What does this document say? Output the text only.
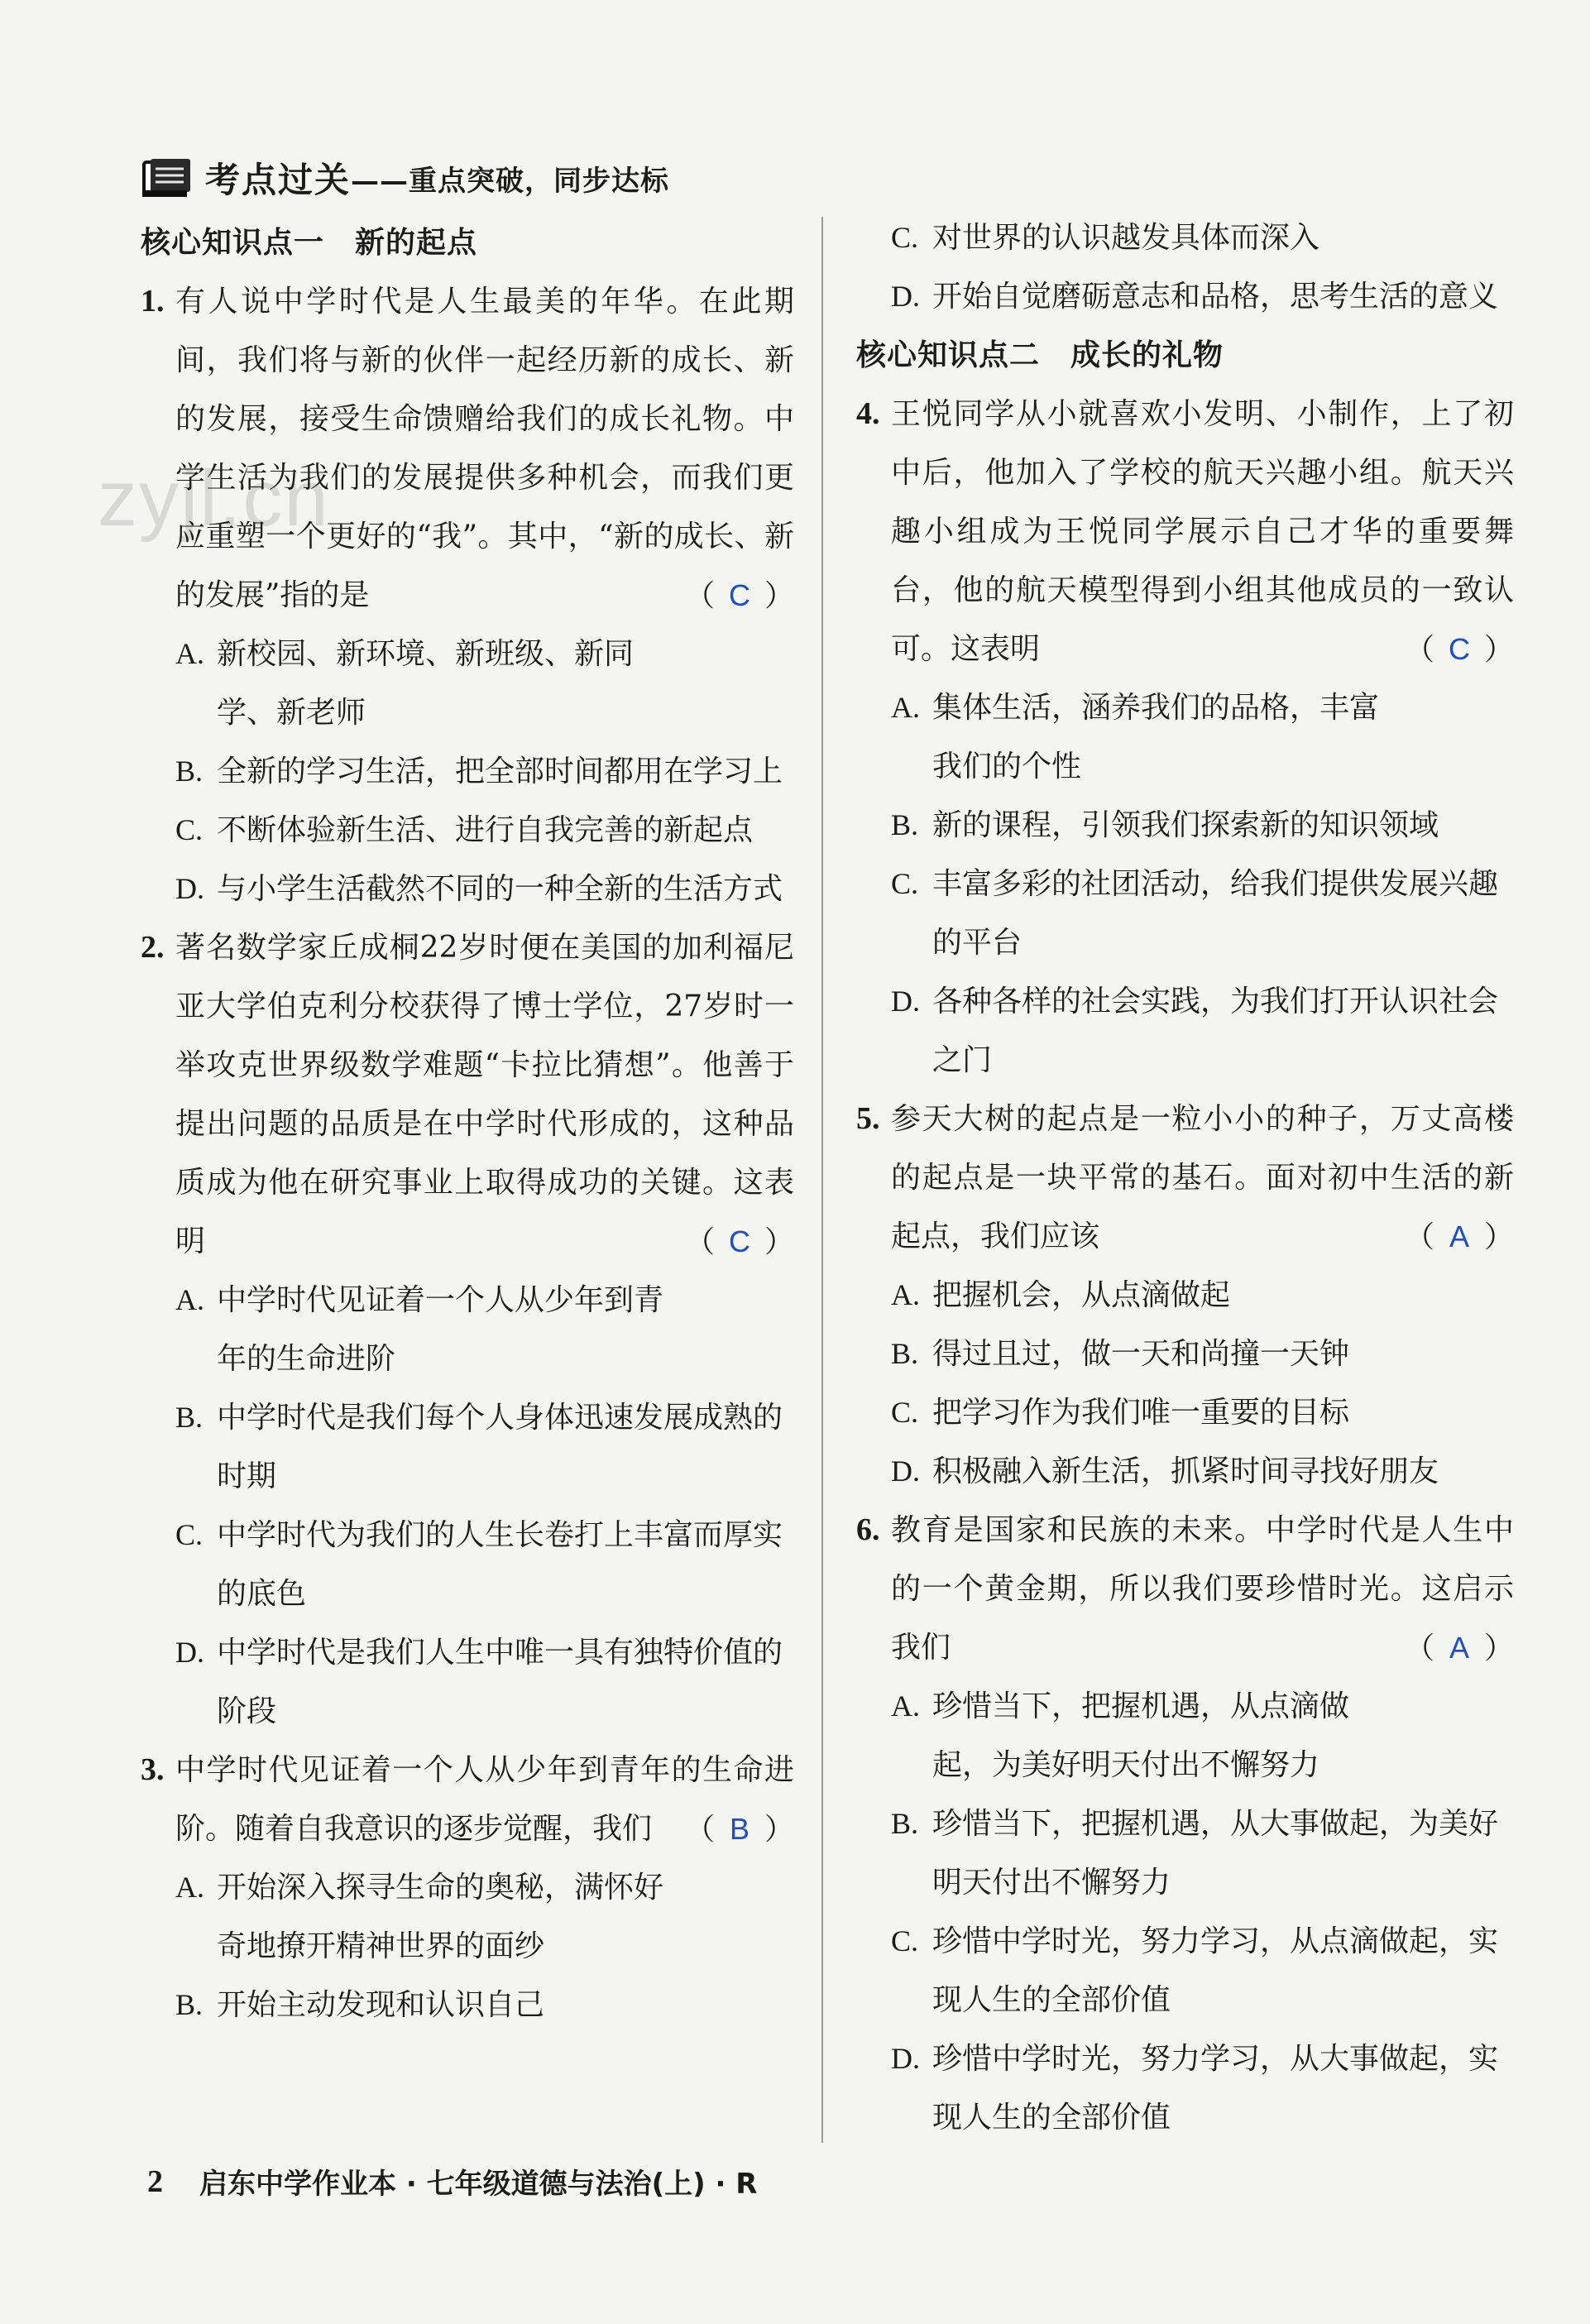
zyjl.cn
考点过关 ——重点突破，同步达标
核心知识点一　新的起点
1. 有人说中学时代是人生最美的年华。在此期间，我们将与新的伙伴一起经历新的成长、新的发展，接受生命馈赠给我们的成长礼物。中学生活为我们的发展提供多种机会，而我们更应重塑一个更好的“我”。其中，“新的成长、新的发展”指的是	（ C ）
A. 新校园、新环境、新班级、新同学、新老师
B. 全新的学习生活，把全部时间都用在学习上
C. 不断体验新生活、进行自我完善的新起点
D. 与小学生活截然不同的一种全新的生活方式
2. 著名数学家丘成桐22岁时便在美国的加利福尼亚大学伯克利分校获得了博士学位，27岁时一举攻克世界级数学难题“卡拉比猜想”。他善于提出问题的品质是在中学时代形成的，这种品质成为他在研究事业上取得成功的关键。这表明	（ C ）
A. 中学时代见证着一个人从少年到青年的生命进阶
B. 中学时代是我们每个人身体迅速发展成熟的时期
C. 中学时代为我们的人生长卷打上丰富而厚实的底色
D. 中学时代是我们人生中唯一具有独特价值的阶段
3. 中学时代见证着一个人从少年到青年的生命进阶。随着自我意识的逐步觉醒，我们 （ B ）
A. 开始深入探寻生命的奥秘，满怀好奇地撩开精神世界的面纱
B. 开始主动发现和认识自己
C. 对世界的认识越发具体而深入
D. 开始自觉磨砺意志和品格，思考生活的意义
核心知识点二　成长的礼物
4. 王悦同学从小就喜欢小发明、小制作，上了初中后，他加入了学校的航天兴趣小组。航天兴趣小组成为王悦同学展示自己才华的重要舞台，他的航天模型得到小组其他成员的一致认可。这表明	（ C ）
A. 集体生活，涵养我们的品格，丰富我们的个性
B. 新的课程，引领我们探索新的知识领域
C. 丰富多彩的社团活动，给我们提供发展兴趣的平台
D. 各种各样的社会实践，为我们打开认识社会之门
5. 参天大树的起点是一粒小小的种子，万丈高楼的起点是一块平常的基石。面对初中生活的新起点，我们应该	（ A ）
A. 把握机会，从点滴做起
B. 得过且过，做一天和尚撞一天钟
C. 把学习作为我们唯一重要的目标
D. 积极融入新生活，抓紧时间寻找好朋友
6. 教育是国家和民族的未来。中学时代是人生中的一个黄金期，所以我们要珍惜时光。这启示我们	（ A ）
A. 珍惜当下，把握机遇，从点滴做起，为美好明天付出不懈努力
B. 珍惜当下，把握机遇，从大事做起，为美好明天付出不懈努力
C. 珍惜中学时光，努力学习，从点滴做起，实现人生的全部价值
D. 珍惜中学时光，努力学习，从大事做起，实现人生的全部价值
2 启东中学作业本 · 七年级道德与法治(上) · R
